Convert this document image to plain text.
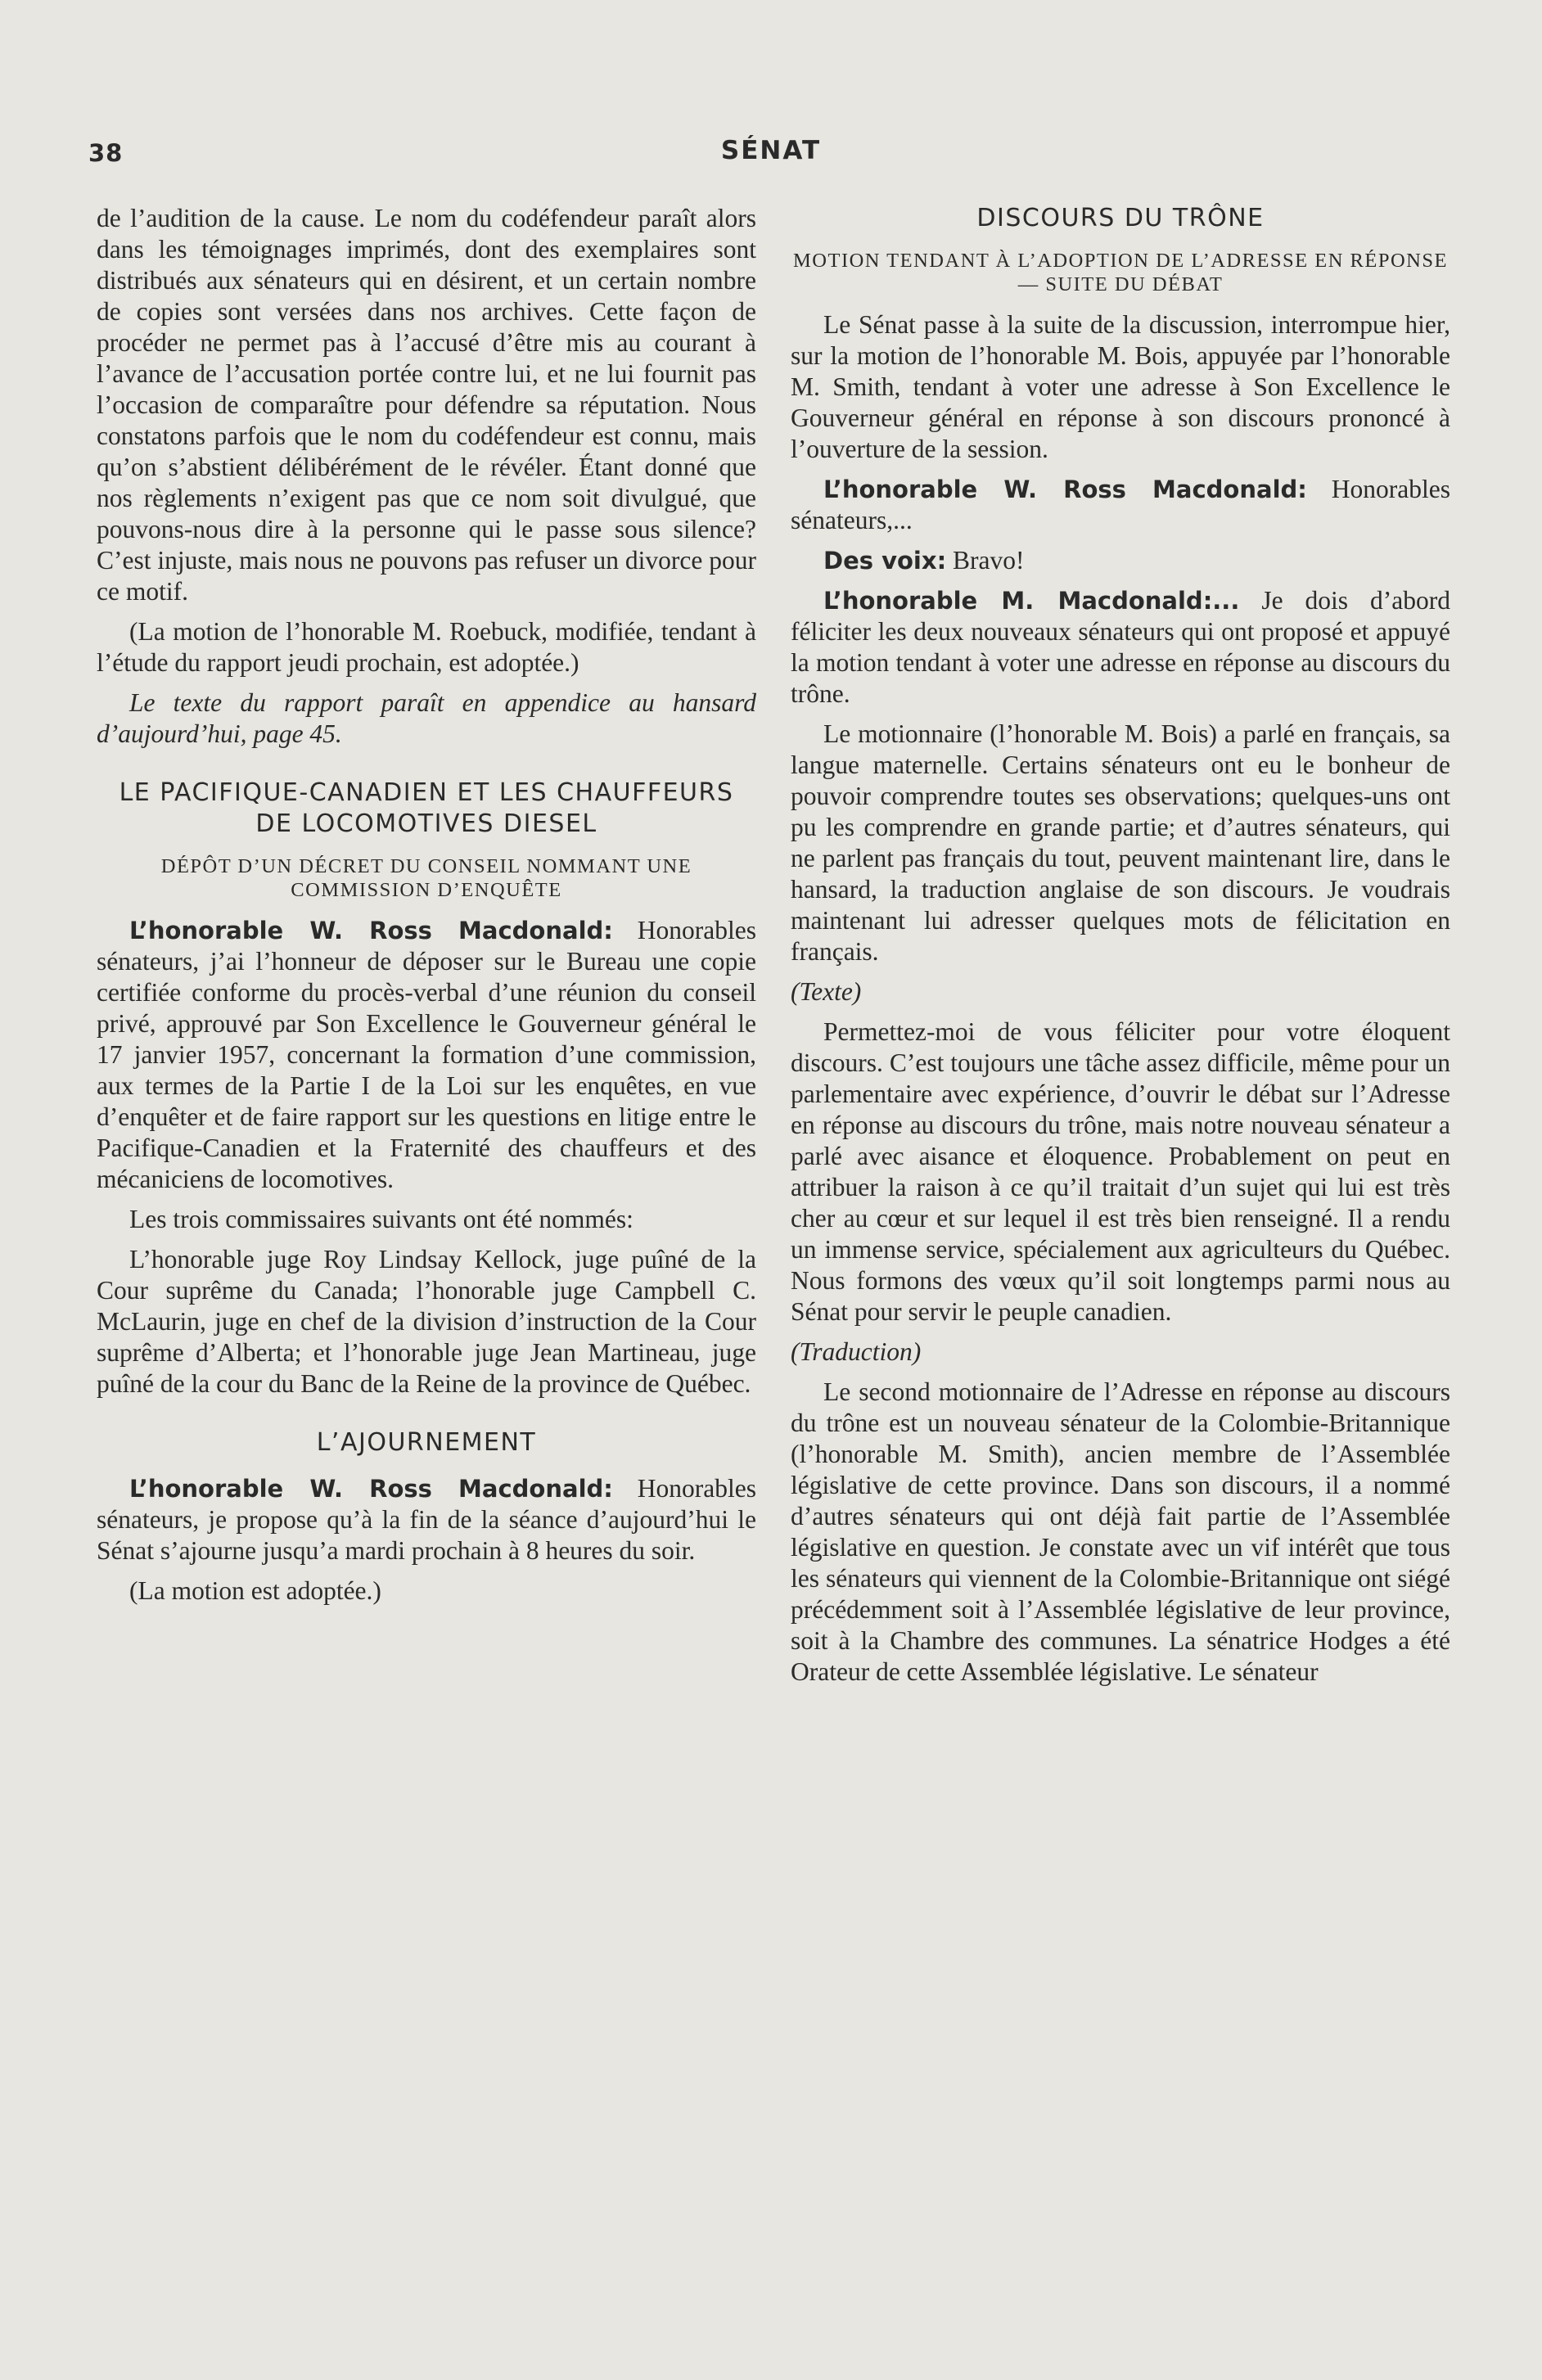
38	SÉNAT

de l’audition de la cause. Le nom du codéfendeur paraît alors dans les témoignages imprimés, dont des exemplaires sont distribués aux sénateurs qui en désirent, et un certain nombre de copies sont versées dans nos archives. Cette façon de procéder ne permet pas à l’accusé d’être mis au courant à l’avance de l’accusation portée contre lui, et ne lui fournit pas l’occasion de comparaître pour défendre sa réputation. Nous constatons parfois que le nom du codéfendeur est connu, mais qu’on s’abstient délibérément de le révéler. Étant donné que nos règlements n’exigent pas que ce nom soit divulgué, que pouvons-nous dire à la personne qui le passe sous silence? C’est injuste, mais nous ne pouvons pas refuser un divorce pour ce motif.

(La motion de l’honorable M. Roebuck, modifiée, tendant à l’étude du rapport jeudi prochain, est adoptée.)

Le texte du rapport paraît en appendice au hansard d’aujourd’hui, page 45.

LE PACIFIQUE-CANADIEN ET LES CHAUFFEURS DE LOCOMOTIVES DIESEL
DÉPÔT D’UN DÉCRET DU CONSEIL NOMMANT UNE COMMISSION D’ENQUÊTE

L’honorable W. Ross Macdonald: Honorables sénateurs, j’ai l’honneur de déposer sur le Bureau une copie certifiée conforme du procès-verbal d’une réunion du conseil privé, approuvé par Son Excellence le Gouverneur général le 17 janvier 1957, concernant la formation d’une commission, aux termes de la Partie I de la Loi sur les enquêtes, en vue d’enquêter et de faire rapport sur les questions en litige entre le Pacifique-Canadien et la Fraternité des chauffeurs et des mécaniciens de locomotives.

Les trois commissaires suivants ont été nommés:

L’honorable juge Roy Lindsay Kellock, juge puîné de la Cour suprême du Canada; l’honorable juge Campbell C. McLaurin, juge en chef de la division d’instruction de la Cour suprême d’Alberta; et l’honorable juge Jean Martineau, juge puîné de la cour du Banc de la Reine de la province de Québec.

L’AJOURNEMENT

L’honorable W. Ross Macdonald: Honorables sénateurs, je propose qu’à la fin de la séance d’aujourd’hui le Sénat s’ajourne jusqu’a mardi prochain à 8 heures du soir.

(La motion est adoptée.)

DISCOURS DU TRÔNE
MOTION TENDANT À L’ADOPTION DE L’ADRESSE EN RÉPONSE— SUITE DU DÉBAT

Le Sénat passe à la suite de la discussion, interrompue hier, sur la motion de l’honorable M. Bois, appuyée par l’honorable M. Smith, tendant à voter une adresse à Son Excellence le Gouverneur général en réponse à son discours prononcé à l’ouverture de la session.

L’honorable W. Ross Macdonald: Honorables sénateurs,...

Des voix: Bravo!

L’honorable M. Macdonald:... Je dois d’abord féliciter les deux nouveaux sénateurs qui ont proposé et appuyé la motion tendant à voter une adresse en réponse au discours du trône.

Le motionnaire (l’honorable M. Bois) a parlé en français, sa langue maternelle. Certains sénateurs ont eu le bonheur de pouvoir comprendre toutes ses observations; quelques-uns ont pu les comprendre en grande partie; et d’autres sénateurs, qui ne parlent pas français du tout, peuvent maintenant lire, dans le hansard, la traduction anglaise de son discours. Je voudrais maintenant lui adresser quelques mots de félicitation en français.

(Texte)

Permettez-moi de vous féliciter pour votre éloquent discours. C’est toujours une tâche assez difficile, même pour un parlementaire avec expérience, d’ouvrir le débat sur l’Adresse en réponse au discours du trône, mais notre nouveau sénateur a parlé avec aisance et éloquence. Probablement on peut en attribuer la raison à ce qu’il traitait d’un sujet qui lui est très cher au cœur et sur lequel il est très bien renseigné. Il a rendu un immense service, spécialement aux agriculteurs du Québec. Nous formons des vœux qu’il soit longtemps parmi nous au Sénat pour servir le peuple canadien.

(Traduction)

Le second motionnaire de l’Adresse en réponse au discours du trône est un nouveau sénateur de la Colombie-Britannique (l’honorable M. Smith), ancien membre de l’Assemblée législative de cette province. Dans son discours, il a nommé d’autres sénateurs qui ont déjà fait partie de l’Assemblée législative en question. Je constate avec un vif intérêt que tous les sénateurs qui viennent de la Colombie-Britannique ont siégé précédemment soit à l’Assemblée législative de leur province, soit à la Chambre des communes. La sénatrice Hodges a été Orateur de cette Assemblée législative. Le sénateur
